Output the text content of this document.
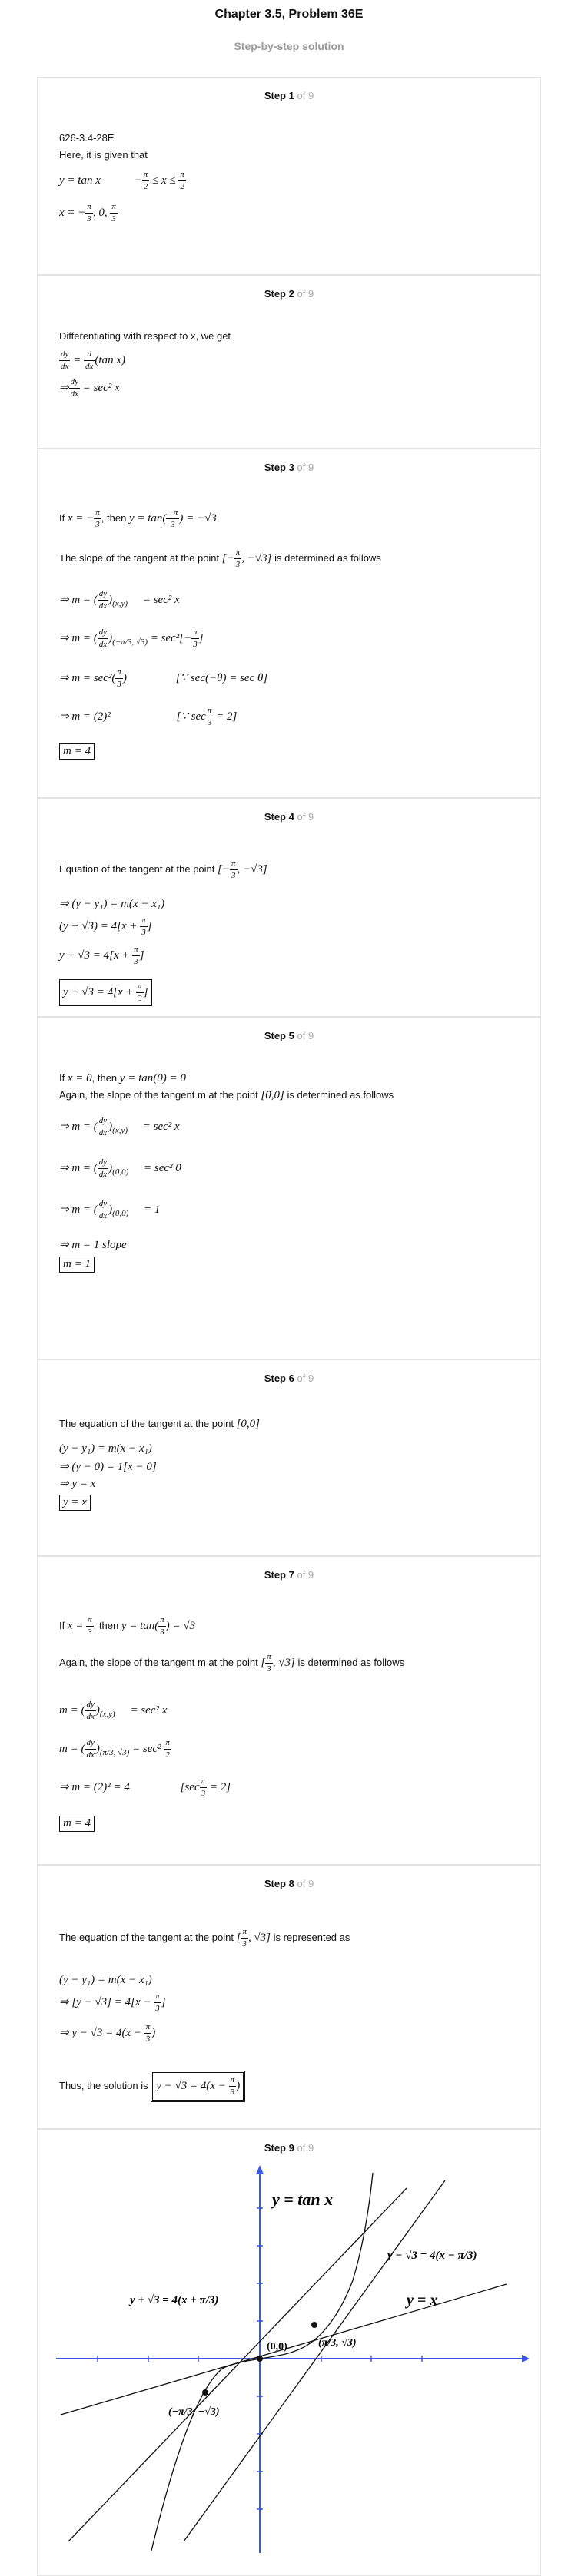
Chapter 3.5, Problem 36E
Step-by-step solution
Step 1 of 9
626-3.4-28E
Here, it is given that
y = tan x	− $\frac{\pi}{2} \le x \le \frac{\pi}{2}$
x = − $\frac{\pi}{3}$ , 0, $\frac{\pi}{3}$
Step 2 of 9
Differentiating with respect to x, we get
$\frac{dy}{dx} = \frac{d}{dx} (\tan$ x)
⇒ $\frac{dy}{dx} = \sec^2$ x
Step 3 of 9
If x = − $\frac{\pi}{3}$ , then $y = \tan( \frac{-\pi}{3}$ ) = −√3
The slope of the tangent at the point [− $\frac{\pi}{3}$ , −√3] is determined as follows
⇒ m = ( $\frac{dy}{dx} )_{(x,y)} = \sec^2$ x
⇒ m = ( $\frac{dy}{dx} )_{(-\pi/3, √3)} = \sec^2[- \frac{\pi}{3}$ ]
⇒ $m = \sec^2( \frac{\pi}{3}$ )	[∵ sec(−θ) = sec θ]
⇒ m = (2)²	[∵ $\sec \frac{\pi}{3} = 2$]
m = 4
Step 4 of 9
Equation of the tangent at the point [− $\frac{\pi}{3}$ , −√3]
⇒ (y − y₁) = m(x − x₁)
$(y + √3) = 4[x + \frac{\pi}{3}$ ]
$y + √3 = 4[x + \frac{\pi}{3}$ ]
$y + √3 = 4[x + \frac{\pi}{3}$ ]
Step 5 of 9
If x = 0, then y = tan(0) = 0
Again, the slope of the tangent m at the point [0,0] is determined as follows
⇒ m = ( $\frac{dy}{dx} )_{(x,y)} = \sec^2$ x
⇒ m = ( $\frac{dy}{dx} )_{(0,0)} = \sec^2$ 0
⇒ m = ( $\frac{dy}{dx} )_{(0,0)} = 1$
⇒ m = 1 slope
m = 1
Step 6 of 9
The equation of the tangent at the point [0,0]
(y − y₁) = m(x − x₁)
⇒ (y − 0) = 1[x − 0]
⇒ y = x
y = x
Step 7 of 9
If $x = \frac{\pi}{3}$ , then $y = \tan( \frac{\pi}{3}$ ) = √3
Again, the slope of the tangent m at the point [ $\frac{\pi}{3}$ , √3] is determined as follows
m = ( $\frac{dy}{dx} )_{(x,y)} = \sec^2$ x
m = ( $\frac{dy}{dx} )_{(\pi/3, √3)} = \sec^2 \frac{\pi}{2}$
⇒ m = (2)² = 4	$[\sec \frac{\pi}{3} = 2]$
m = 4
Step 8 of 9
The equation of the tangent at the point [ $\frac{\pi}{3}$ , √3] is represented as
(y − y₁) = m(x − x₁)
⇒ $[y - √3] = 4[x - \frac{\pi}{3}$ ]
⇒ $y - √3 = 4(x - \frac{\pi}{3}$ )
Thus, the solution is $y - √3 = 4(x - \frac{\pi}{3}$ )
Step 9 of 9
y = tan x
y − √3 = 4(x − π/3)
y + √3 = 4(x + π/3)	y = x
(0,0)	(π/3, √3)
(−π/3, −√3)
